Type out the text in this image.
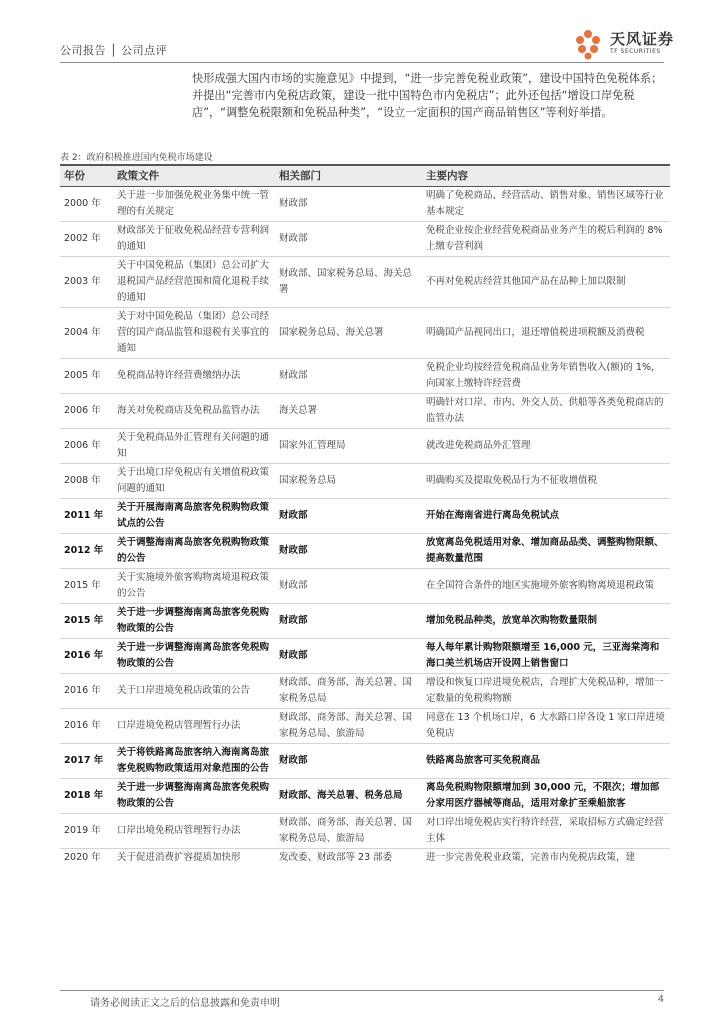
公司报告 │ 公司点评
天风证券
TF SECURITIES

快形成强大国内市场的实施意见》中提到，“进一步完善免税业政策”，建设中国特色免税体系；并提出“完善市内免税店政策，建设一批中国特色市内免税店”；此外还包括“增设口岸免税店”，“调整免税限额和免税品种类”，“设立一定面积的国产商品销售区”等利好举措。

表 2：政府积极推进国内免税市场建设
年份	政策文件	相关部门	主要内容
2000 年	关于进一步加强免税业务集中统一管理的有关规定	财政部	明确了免税商品、经营活动、销售对象、销售区域等行业基本规定
2002 年	财政部关于征收免税品经营专营利润的通知	财政部	免税企业按企业经营免税商品业务产生的税后利润的 8%上缴专营利润
2003 年	关于中国免税品（集团）总公司扩大退税国产品经营范围和简化退税手续的通知	财政部、国家税务总局、海关总署	不再对免税店经营其他国产品在品种上加以限制
2004 年	关于对中国免税品（集团）总公司经营的国产商品监管和退税有关事宜的通知	国家税务总局、海关总署	明确国产品视同出口，退还增值税进项税额及消费税
2005 年	免税商品特许经营费缴纳办法	财政部	免税企业均按经营免税商品业务年销售收入(额)的 1%，向国家上缴特许经营费
2006 年	海关对免税商店及免税品监管办法	海关总署	明确针对口岸、市内、外交人员、供船等各类免税商店的监管办法
2006 年	关于免税商品外汇管理有关问题的通知	国家外汇管理局	就改进免税商品外汇管理
2008 年	关于出境口岸免税店有关增值税政策问题的通知	国家税务总局	明确购买及提取免税品行为不征收增值税
2011 年	关于开展海南离岛旅客免税购物政策试点的公告	财政部	开始在海南省进行离岛免税试点
2012 年	关于调整海南离岛旅客免税购物政策的公告	财政部	放宽离岛免税适用对象、增加商品品类、调整购物限额、提高数量范围
2015 年	关于实施境外旅客购物离境退税政策的公告	财政部	在全国符合条件的地区实施境外旅客购物离境退税政策
2015 年	关于进一步调整海南离岛旅客免税购物政策的公告	财政部	增加免税品种类，放宽单次购物数量限制
2016 年	关于进一步调整海南离岛旅客免税购物政策的公告	财政部	每人每年累计购物限额增至 16,000 元，三亚海棠湾和海口美兰机场店开设网上销售窗口
2016 年	关于口岸进境免税店政策的公告	财政部、商务部、海关总署、国家税务总局	增设和恢复口岸进境免税店，合理扩大免税品种，增加一定数量的免税购物额
2016 年	口岸进境免税店管理暂行办法	财政部、商务部、海关总署、国家税务总局、旅游局	同意在 13 个机场口岸，6 大水路口岸各设 1 家口岸进境免税店
2017 年	关于将铁路离岛旅客纳入海南离岛旅客免税购物政策适用对象范围的公告	财政部	铁路离岛旅客可买免税商品
2018 年	关于进一步调整海南离岛旅客免税购物政策的公告	财政部、海关总署、税务总局	离岛免税购物限额增加到 30,000 元，不限次；增加部分家用医疗器械等商品，适用对象扩至乘船旅客
2019 年	口岸出境免税店管理暂行办法	财政部、商务部、海关总署、国家税务总局、旅游局	对口岸出境免税店实行特许经营，采取招标方式确定经营主体
2020 年	关于促进消费扩容提质加快形	发改委、财政部等 23 部委	进一步完善免税业政策，完善市内免税店政策，建
请务必阅读正文之后的信息披露和免责申明	4
